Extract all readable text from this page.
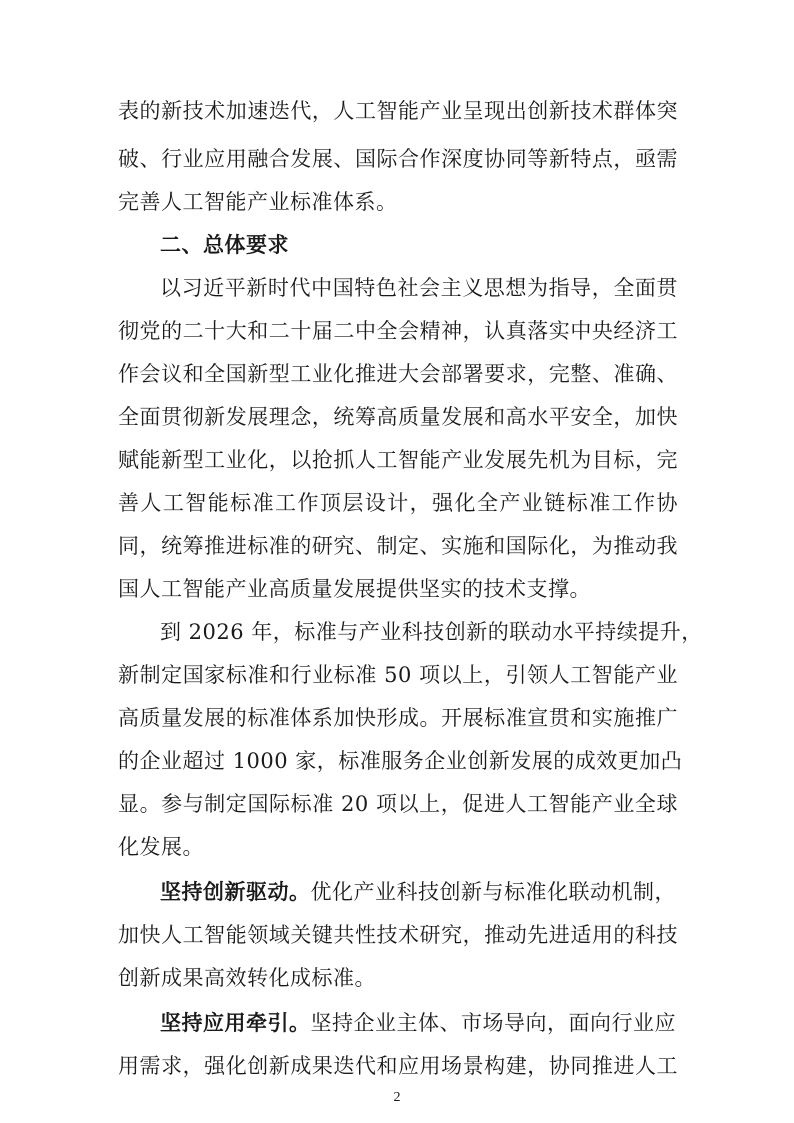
表的新技术加速迭代，人工智能产业呈现出创新技术群体突
破、行业应用融合发展、国际合作深度协同等新特点，亟需
完善人工智能产业标准体系。
二、总体要求
以习近平新时代中国特色社会主义思想为指导，全面贯
彻党的二十大和二十届二中全会精神，认真落实中央经济工
作会议和全国新型工业化推进大会部署要求，完整、准确、
全面贯彻新发展理念，统筹高质量发展和高水平安全，加快
赋能新型工业化，以抢抓人工智能产业发展先机为目标，完
善人工智能标准工作顶层设计，强化全产业链标准工作协
同，统筹推进标准的研究、制定、实施和国际化，为推动我
国人工智能产业高质量发展提供坚实的技术支撑。
到 2026 年，标准与产业科技创新的联动水平持续提升，
新制定国家标准和行业标准 50 项以上，引领人工智能产业
高质量发展的标准体系加快形成。开展标准宣贯和实施推广
的企业超过 1000 家，标准服务企业创新发展的成效更加凸
显。参与制定国际标准 20 项以上，促进人工智能产业全球
化发展。
坚持创新驱动。优化产业科技创新与标准化联动机制，
加快人工智能领域关键共性技术研究，推动先进适用的科技
创新成果高效转化成标准。
坚持应用牵引。坚持企业主体、市场导向，面向行业应
用需求，强化创新成果迭代和应用场景构建，协同推进人工
2
